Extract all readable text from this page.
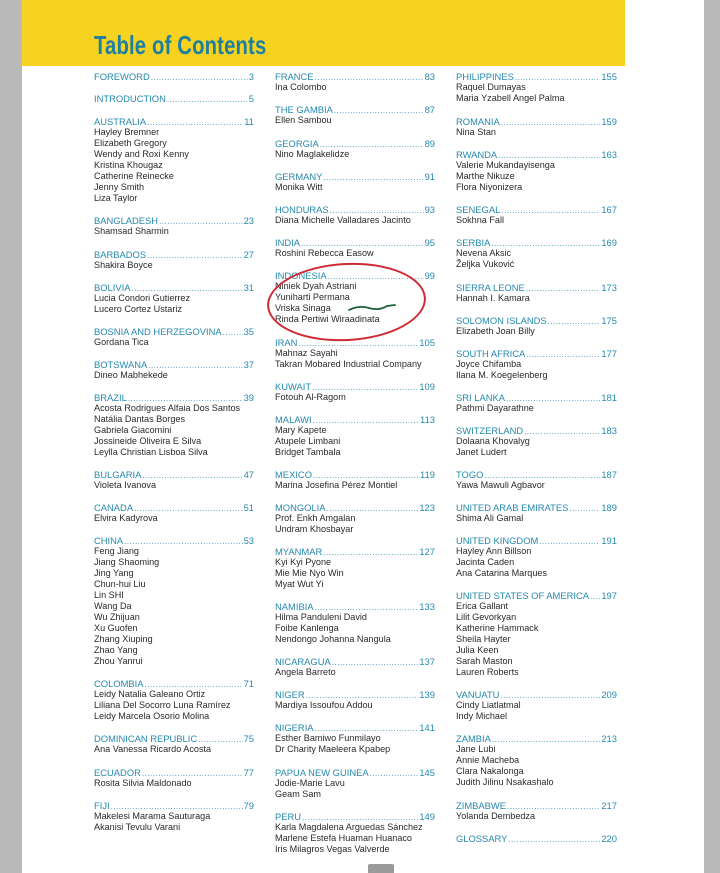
Table of Contents
FOREWORD .....	3
INTRODUCTION .....	5
AUSTRALIA .....	11
Hayley Bremner
Elizabeth Gregory
Wendy and Roxi Kenny
Kristina Khougaz
Catherine Reinecke
Jenny Smith
Liza Taylor
BANGLADESH .....	23
Shamsad Sharmin
BARBADOS .....	27
Shakira Boyce
BOLIVIA .....	31
Lucia Condori Gutierrez
Lucero Cortez Ustariz
BOSNIA AND HERZEGOVINA ..... 35
Gordana Tica
BOTSWANA .....	37
Dineo Mabhekede
BRAZIL .....	39
Acosta Rodrigues Alfaia Dos Santos
Natália Dantas Borges
Gabriela Giacomini
Jossineide Oliveira E Silva
Leylla Christian Lisboa Silva
BULGARIA .....	47
Violeta Ivanova
CANADA .....	51
Elvira Kadyrova
CHINA .....	53
Feng Jiang
Jiang Shaoming
Jing Yang
Chun-hui Liu
Lin SHI
Wang Da
Wu Zhijuan
Xu Guofen
Zhang Xiuping
Zhao Yang
Zhou Yanrui
COLOMBIA .....	71
Leidy Natalia Galeano Ortiz
Liliana Del Socorro Luna Ramírez
Leidy Marcela Osorio Molina
DOMINICAN REPUBLIC .....	75
Ana Vanessa Ricardo Acosta
ECUADOR .....	77
Rosita Silvia Maldonado
FIJI .....	79
Makelesi Marama Sauturaga
Akanisi Tevulu Varani
FRANCE .....	83
Ina Colombo
THE GAMBIA .....	87
Ellen Sambou
GEORGIA .....	89
Nino Maglakelidze
GERMANY .....	91
Monika Witt
HONDURAS .....	93
Diana Michelle Valladares Jacinto
INDIA .....	95
Roshini Rebecca Easow
INDONESIA .....	99
Niniek Dyah Astriani
Yuniharti Permana
Vriska Sinaga
Rinda Pertiwi Wiraadinata
IRAN .....	105
Mahnaz Sayahi
Takran Mobared Industrial Company
KUWAIT .....	109
Fotouh Al-Ragom
MALAWI .....	113
Mary Kapete
Atupele Limbani
Bridget Tambala
MEXICO .....	119
Marina Josefina Pérez Montiel
MONGOLIA .....	123
Prof. Enkh Amgalan
Undram Khosbayar
MYANMAR .....	127
Kyi Kyi Pyone
Mie Mie Nyo Win
Myat Wut Yi
NAMIBIA .....	133
Hilma Panduleni David
Foibe Kanlenga
Nendongo Johanna Nangula
NICARAGUA .....	137
Angela Barreto
NIGER .....	139
Mardiya Issoufou Addou
NIGERIA .....	141
Esther Bamiwo Funmilayo
Dr Charity Maeleera Kpabep
PAPUA NEW GUINEA .....	145
Jodie-Marie Lavu
Geam Sam
PERU .....	149
Karla Magdalena Arguedas Sánchez
Marlene Estefa Huaman Huanaco
Iris Milagros Vegas Valverde
PHILIPPINES .....	155
Raquel Dumayas
Maria Yzabell Angel Palma
ROMANIA .....	159
Nina Stan
RWANDA .....	163
Valerie Mukandayisenga
Marthe Nikuze
Flora Niyonizera
SENEGAL .....	167
Sokhna Fall
SERBIA .....	169
Nevena Aksic
Željka Vuković
SIERRA LEONE .....	173
Hannah I. Kamara
SOLOMON ISLANDS .....	175
Elizabeth Joan Billy
SOUTH AFRICA .....	177
Joyce Chifamba
Ilana M. Koegelenberg
SRI LANKA .....	181
Pathmi Dayarathne
SWITZERLAND .....	183
Dolaana Khovalyg
Janet Ludert
TOGO .....	187
Yawa Mawuli Agbavor
UNITED ARAB EMIRATES .....	189
Shima Ali Gamal
UNITED KINGDOM .....	191
Hayley Ann Billson
Jacinta Caden
Ana Catarina Marques
UNITED STATES OF AMERICA ..... 197
Erica Gallant
Lilit Gevorkyan
Katherine Hammack
Sheila Hayter
Julia Keen
Sarah Maston
Lauren Roberts
VANUATU .....	209
Cindy Liatlatmal
Indy Michael
ZAMBIA .....	213
Jane Lubi
Annie Macheba
Clara Nakalonga
Judith Jilinu Nsakashalo
ZIMBABWE .....	217
Yolanda Dembedza
GLOSSARY .....	220
